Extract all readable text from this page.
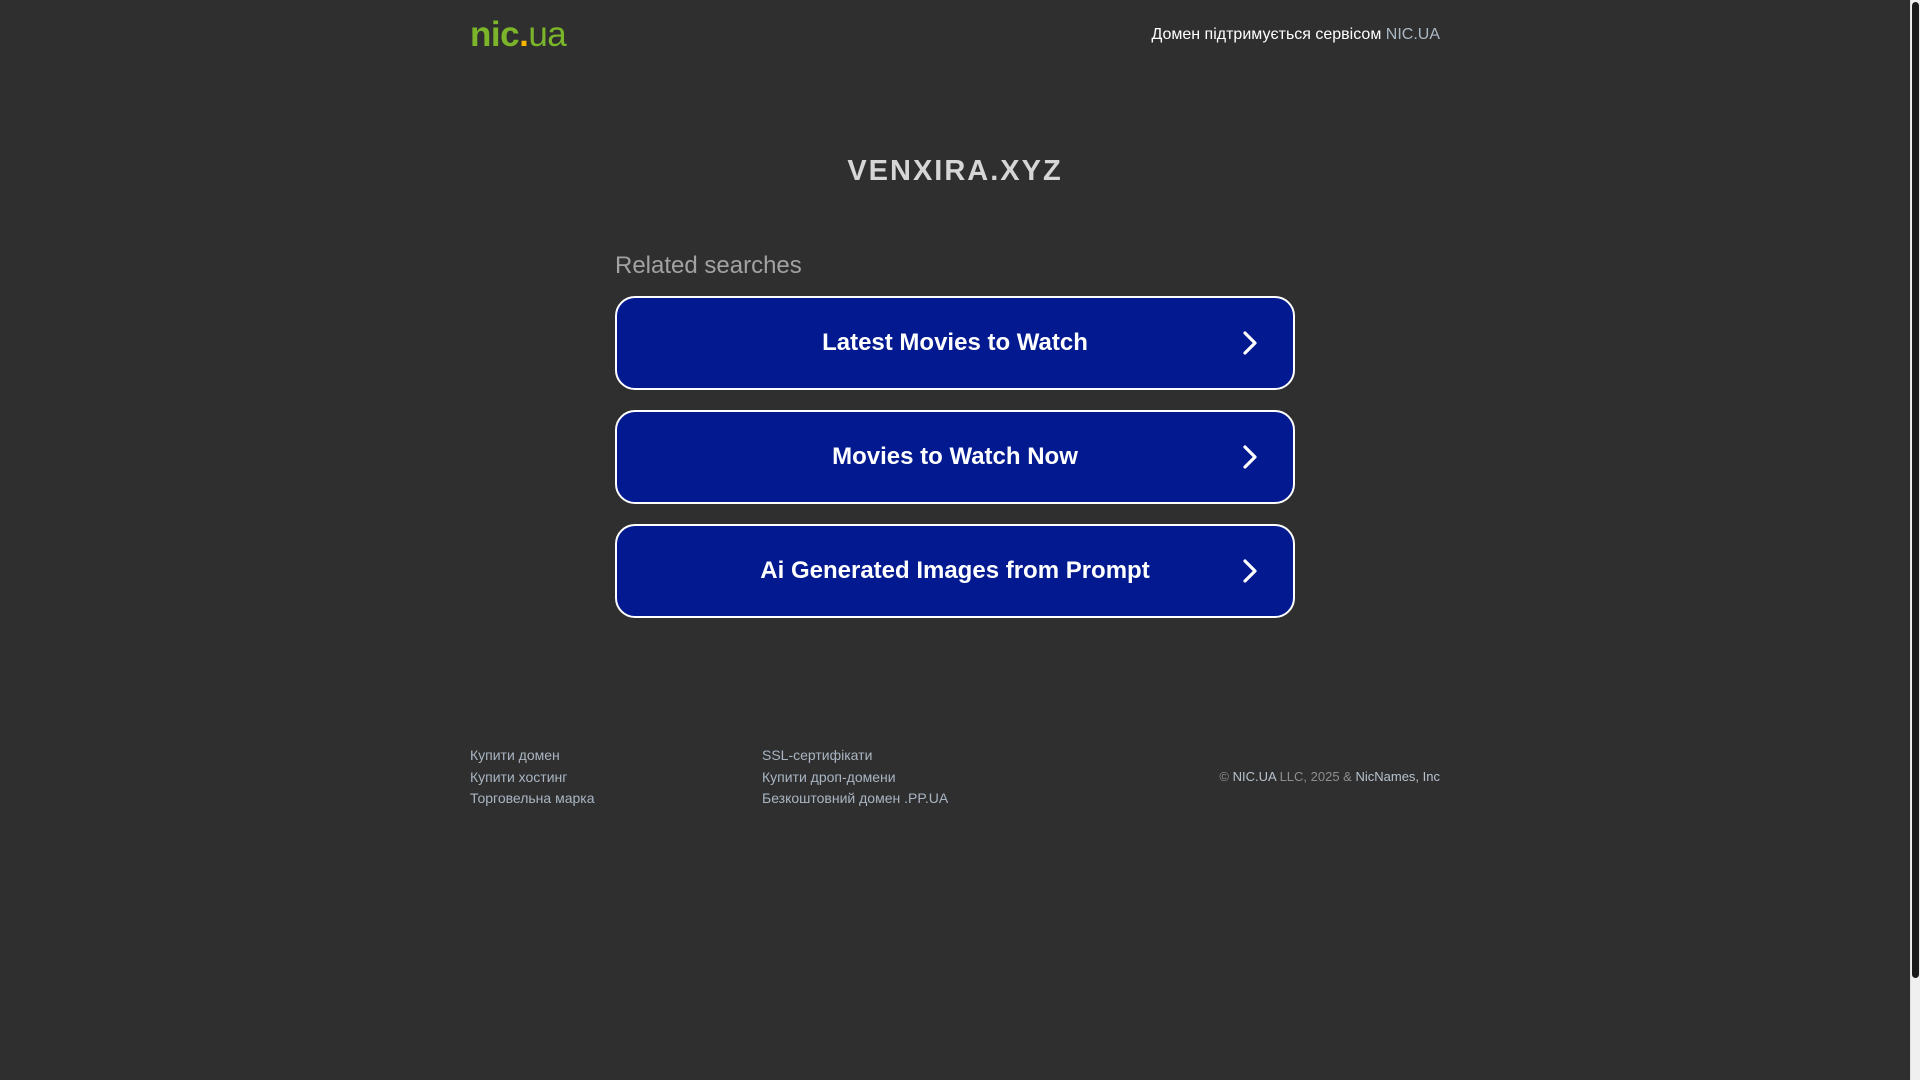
nic.ua	Домен підтримується сервісом NIC.UA
VENXIRA.XYZ
Related searches
Latest Movies to Watch
Movies to Watch Now
Ai Generated Images from Prompt
Купити домен
Купити хостинг
Торговельна марка
SSL-сертифікати
Купити дроп-домени
Безкоштовний домен .PP.UA
© NIC.UA LLC, 2025 & NicNames, Inc
